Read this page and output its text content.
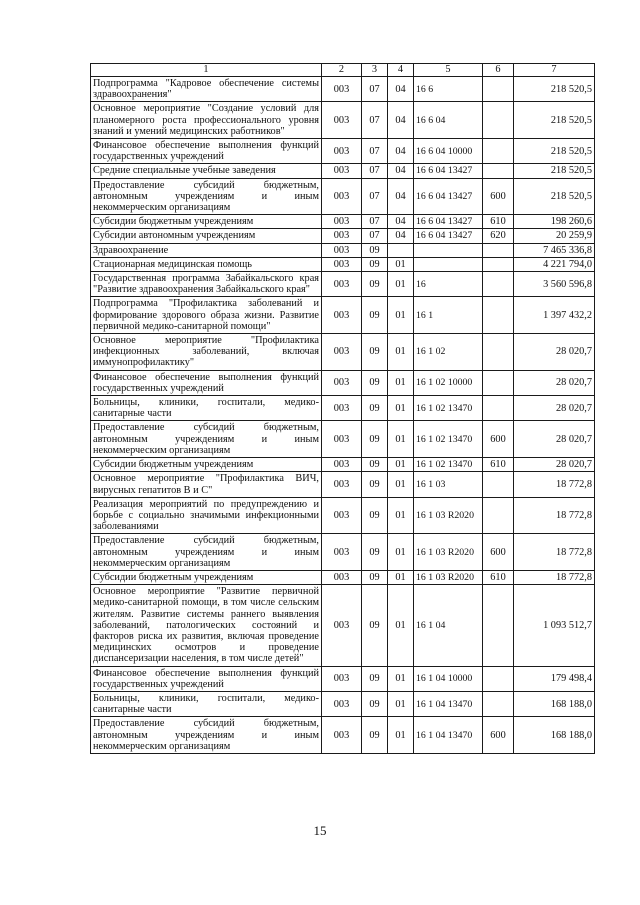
1	2	3	4	5	6	7
Подпрограмма "Кадровое обеспечение системы здравоохранения"	003	07	04	16 6		218 520,5
Основное мероприятие "Создание условий для планомерного роста профессионального уровня знаний и умений медицинских работников"	003	07	04	16 6 04		218 520,5
Финансовое обеспечение выполнения функций государственных учреждений	003	07	04	16 6 04 10000		218 520,5
Средние специальные учебные заведения	003	07	04	16 6 04 13427		218 520,5
Предоставление субсидий бюджетным, автономным учреждениям и иным некоммерческим организациям	003	07	04	16 6 04 13427	600	218 520,5
Субсидии бюджетным учреждениям	003	07	04	16 6 04 13427	610	198 260,6
Субсидии автономным учреждениям	003	07	04	16 6 04 13427	620	20 259,9
Здравоохранение	003	09				7 465 336,8
Стационарная медицинская помощь	003	09	01			4 221 794,0
Государственная программа Забайкальского края "Развитие здравоохранения Забайкальского края"	003	09	01	16		3 560 596,8
Подпрограмма "Профилактика заболеваний и формирование здорового образа жизни. Развитие первичной медико-санитарной помощи"	003	09	01	16 1		1 397 432,2
Основное мероприятие "Профилактика инфекционных заболеваний, включая иммунопрофилактику"	003	09	01	16 1 02		28 020,7
Финансовое обеспечение выполнения функций государственных учреждений	003	09	01	16 1 02 10000		28 020,7
Больницы, клиники, госпитали, медико-санитарные части	003	09	01	16 1 02 13470		28 020,7
Предоставление субсидий бюджетным, автономным учреждениям и иным некоммерческим организациям	003	09	01	16 1 02 13470	600	28 020,7
Субсидии бюджетным учреждениям	003	09	01	16 1 02 13470	610	28 020,7
Основное мероприятие "Профилактика ВИЧ, вирусных гепатитов В и С"	003	09	01	16 1 03		18 772,8
Реализация мероприятий по предупреждению и борьбе с социально значимыми инфекционными заболеваниями	003	09	01	16 1 03 R2020		18 772,8
Предоставление субсидий бюджетным, автономным учреждениям и иным некоммерческим организациям	003	09	01	16 1 03 R2020	600	18 772,8
Субсидии бюджетным учреждениям	003	09	01	16 1 03 R2020	610	18 772,8
Основное мероприятие "Развитие первичной медико-санитарной помощи, в том числе сельским жителям. Развитие системы раннего выявления заболеваний, патологических состояний и факторов риска их развития, включая проведение медицинских осмотров и проведение диспансеризации населения, в том числе детей"	003	09	01	16 1 04		1 093 512,7
Финансовое обеспечение выполнения функций государственных учреждений	003	09	01	16 1 04 10000		179 498,4
Больницы, клиники, госпитали, медико-санитарные части	003	09	01	16 1 04 13470		168 188,0
Предоставление субсидий бюджетным, автономным учреждениям и иным некоммерческим организациям	003	09	01	16 1 04 13470	600	168 188,0
15
